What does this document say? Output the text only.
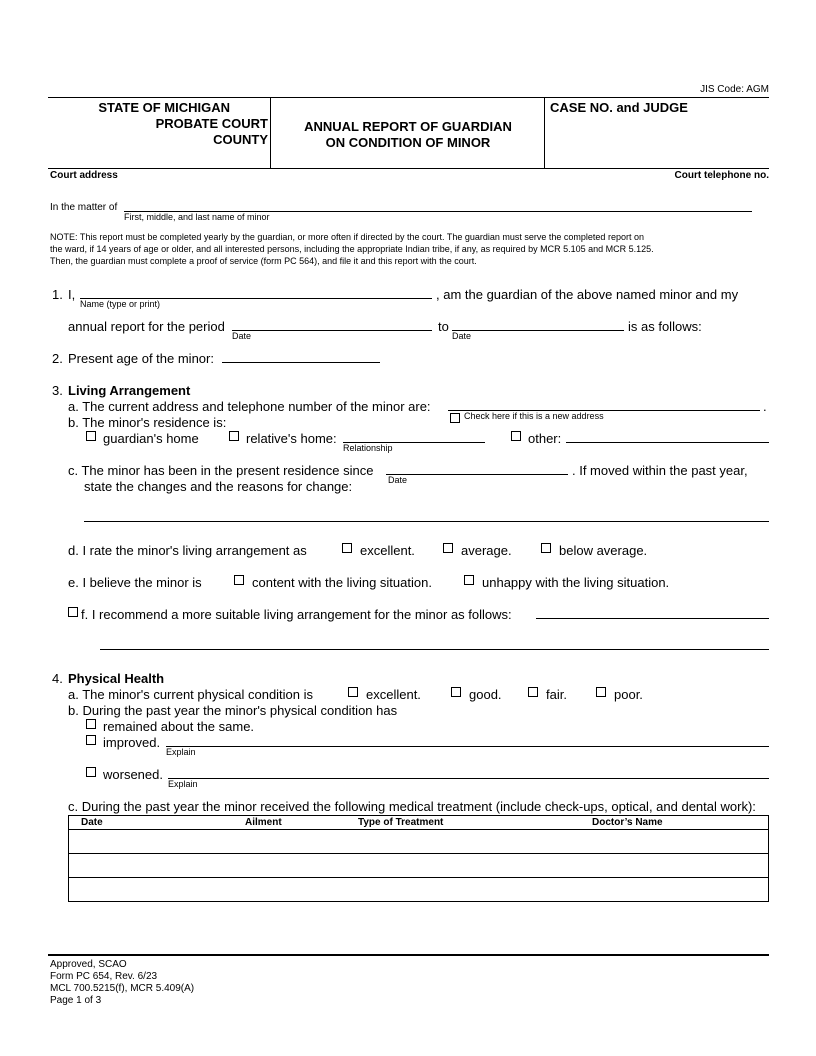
JIS Code: AGM
STATE OF MICHIGAN
PROBATE COURT
COUNTY
ANNUAL REPORT OF GUARDIAN
ON CONDITION OF MINOR
CASE NO. and JUDGE
Court address	Court telephone no.
In the matter of
First, middle, and last name of minor
NOTE: This report must be completed yearly by the guardian, or more often if directed by the court. The guardian must serve the completed report on
the ward, if 14 years of age or older, and all interested persons, including the appropriate Indian tribe, if any, as required by MCR 5.105 and MCR 5.125.
Then, the guardian must complete a proof of service (form PC 564), and file it and this report with the court.
1. I,
Name (type or print)
, am the guardian of the above named minor and my
annual report for the period
Date
to
Date
is as follows:
2. Present age of the minor:
3. Living Arrangement
a. The current address and telephone number of the minor are:	.
Check here if this is a new address
b. The minor's residence is:
guardian's home	relative's home:
Relationship
other:
c. The minor has been in the present residence since
Date
. If moved within the past year,
state the changes and the reasons for change:
d. I rate the minor's living arrangement as	excellent.	average.	below average.
e. I believe the minor is	content with the living situation.	unhappy with the living situation.
f. I recommend a more suitable living arrangement for the minor as follows:
4. Physical Health
a. The minor's current physical condition is	excellent.	good.	fair.	poor.
b. During the past year the minor's physical condition has
remained about the same.
improved.
Explain
worsened.
Explain
c. During the past year the minor received the following medical treatment (include check-ups, optical, and dental work):
Date	Ailment	Type of Treatment	Doctor’s Name
Approved, SCAO
Form PC 654, Rev. 6/23
MCL 700.5215(f), MCR 5.409(A)
Page 1 of 3
